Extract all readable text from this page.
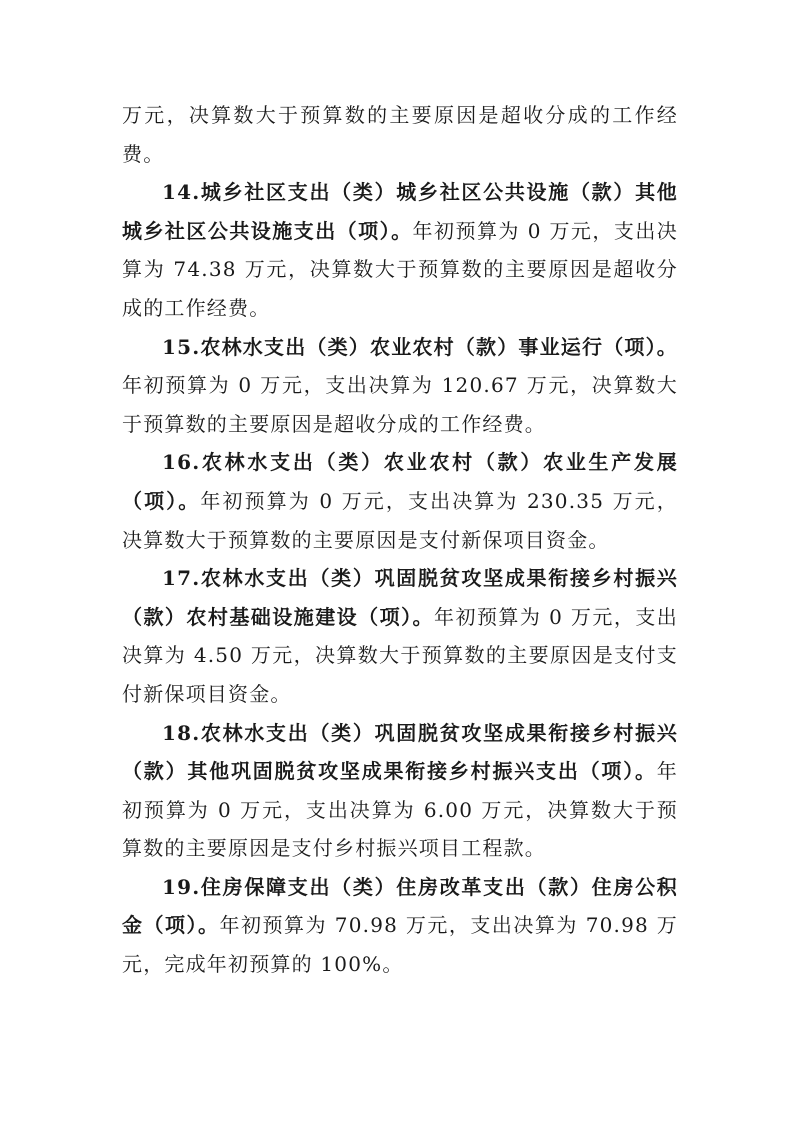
万元，决算数大于预算数的主要原因是超收分成的工作经费。

14.城乡社区支出（类）城乡社区公共设施（款）其他城乡社区公共设施支出（项）。年初预算为 0 万元，支出决算为 74.38 万元，决算数大于预算数的主要原因是超收分成的工作经费。

15.农林水支出（类）农业农村（款）事业运行（项）。年初预算为 0 万元，支出决算为 120.67 万元，决算数大于预算数的主要原因是超收分成的工作经费。

16.农林水支出（类）农业农村（款）农业生产发展（项）。年初预算为 0 万元，支出决算为 230.35 万元，决算数大于预算数的主要原因是支付新保项目资金。

17.农林水支出（类）巩固脱贫攻坚成果衔接乡村振兴（款）农村基础设施建设（项）。年初预算为 0 万元，支出决算为 4.50 万元，决算数大于预算数的主要原因是支付支付新保项目资金。

18.农林水支出（类）巩固脱贫攻坚成果衔接乡村振兴（款）其他巩固脱贫攻坚成果衔接乡村振兴支出（项）。年初预算为 0 万元，支出决算为 6.00 万元，决算数大于预算数的主要原因是支付乡村振兴项目工程款。

19.住房保障支出（类）住房改革支出（款）住房公积金（项）。年初预算为 70.98 万元，支出决算为 70.98 万元，完成年初预算的 100%。
